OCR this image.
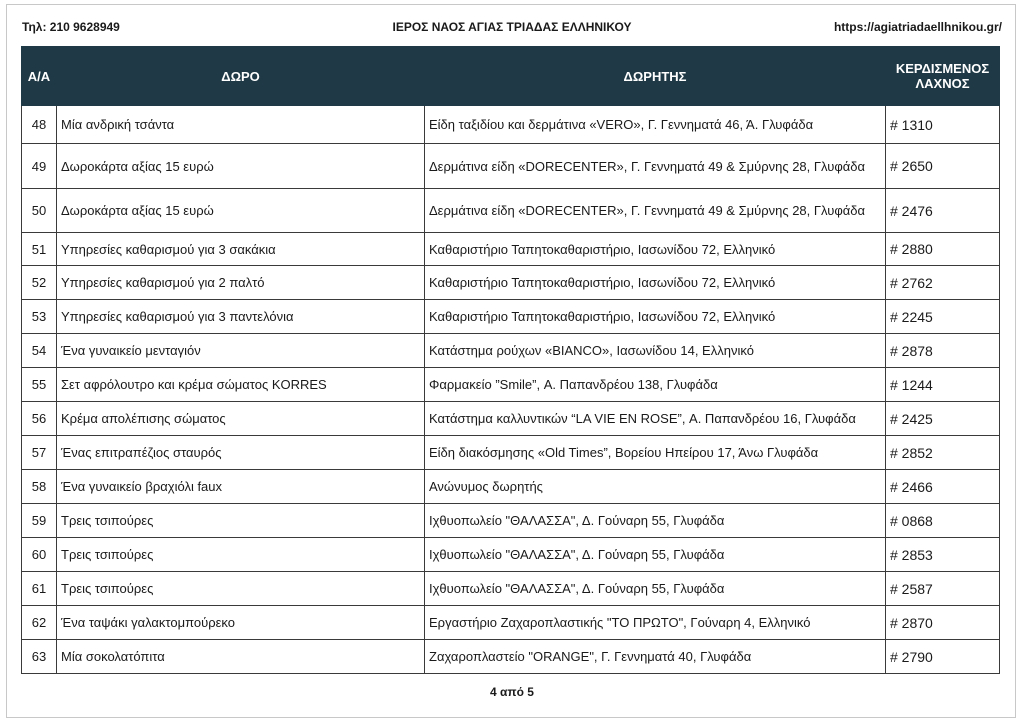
ΙΕΡΟΣ ΝΑΟΣ ΑΓΙΑΣ ΤΡΙΑΔΑΣ ΕΛΛΗΝΙΚΟΥ
Τηλ: 210 9628949	https://agiatriadaellhnikou.gr/
Α/Α	ΔΩΡΟ	ΔΩΡΗΤΗΣ	ΚΕΡΔΙΣΜΕΝΟΣ ΛΑΧΝΟΣ
48	Μία ανδρική τσάντα	Είδη ταξιδίου και δερμάτινα «VERO», Γ. Γεννηματά 46, Ά. Γλυφάδα	# 1310
49	Δωροκάρτα αξίας 15 ευρώ	Δερμάτινα είδη «DORECENTER», Γ. Γεννηματά 49 & Σμύρνης 28, Γλυφάδα	# 2650
50	Δωροκάρτα αξίας 15 ευρώ	Δερμάτινα είδη «DORECENTER», Γ. Γεννηματά 49 & Σμύρνης 28, Γλυφάδα	# 2476
51	Υπηρεσίες καθαρισμού για 3 σακάκια	Καθαριστήριο Ταπητοκαθαριστήριο, Ιασωνίδου 72, Ελληνικό	# 2880
52	Υπηρεσίες καθαρισμού για 2 παλτό	Καθαριστήριο Ταπητοκαθαριστήριο, Ιασωνίδου 72, Ελληνικό	# 2762
53	Υπηρεσίες καθαρισμού για 3 παντελόνια	Καθαριστήριο Ταπητοκαθαριστήριο, Ιασωνίδου 72, Ελληνικό	# 2245
54	Ένα γυναικείο μενταγιόν	Κατάστημα ρούχων «BIANCO», Ιασωνίδου 14, Ελληνικό	# 2878
55	Σετ αφρόλουτρο και κρέμα σώματος KORRES	Φαρμακείο ”Smile”, Α. Παπανδρέου 138, Γλυφάδα	# 1244
56	Κρέμα απολέπισης σώματος	Κατάστημα καλλυντικών “LA VIE EN ROSE”, Α. Παπανδρέου 16, Γλυφάδα	# 2425
57	Ένας επιτραπέζιος σταυρός	Είδη διακόσμησης «Old Times”, Βορείου Ηπείρου 17, Άνω Γλυφάδα	# 2852
58	Ένα γυναικείο βραχιόλι faux	Ανώνυμος δωρητής	# 2466
59	Τρεις τσιπούρες	Ιχθυοπωλείο "ΘΑΛΑΣΣΑ", Δ. Γούναρη 55, Γλυφάδα	# 0868
60	Τρεις τσιπούρες	Ιχθυοπωλείο "ΘΑΛΑΣΣΑ", Δ. Γούναρη 55, Γλυφάδα	# 2853
61	Τρεις τσιπούρες	Ιχθυοπωλείο "ΘΑΛΑΣΣΑ", Δ. Γούναρη 55, Γλυφάδα	# 2587
62	Ένα ταψάκι γαλακτομπούρεκο	Εργαστήριο Ζαχαροπλαστικής "ΤΟ ΠΡΩΤΟ", Γούναρη 4, Ελληνικό	# 2870
63	Μία σοκολατόπιτα	Ζαχαροπλαστείο "ORANGE", Γ. Γεννηματά 40, Γλυφάδα	# 2790
4 από 5
